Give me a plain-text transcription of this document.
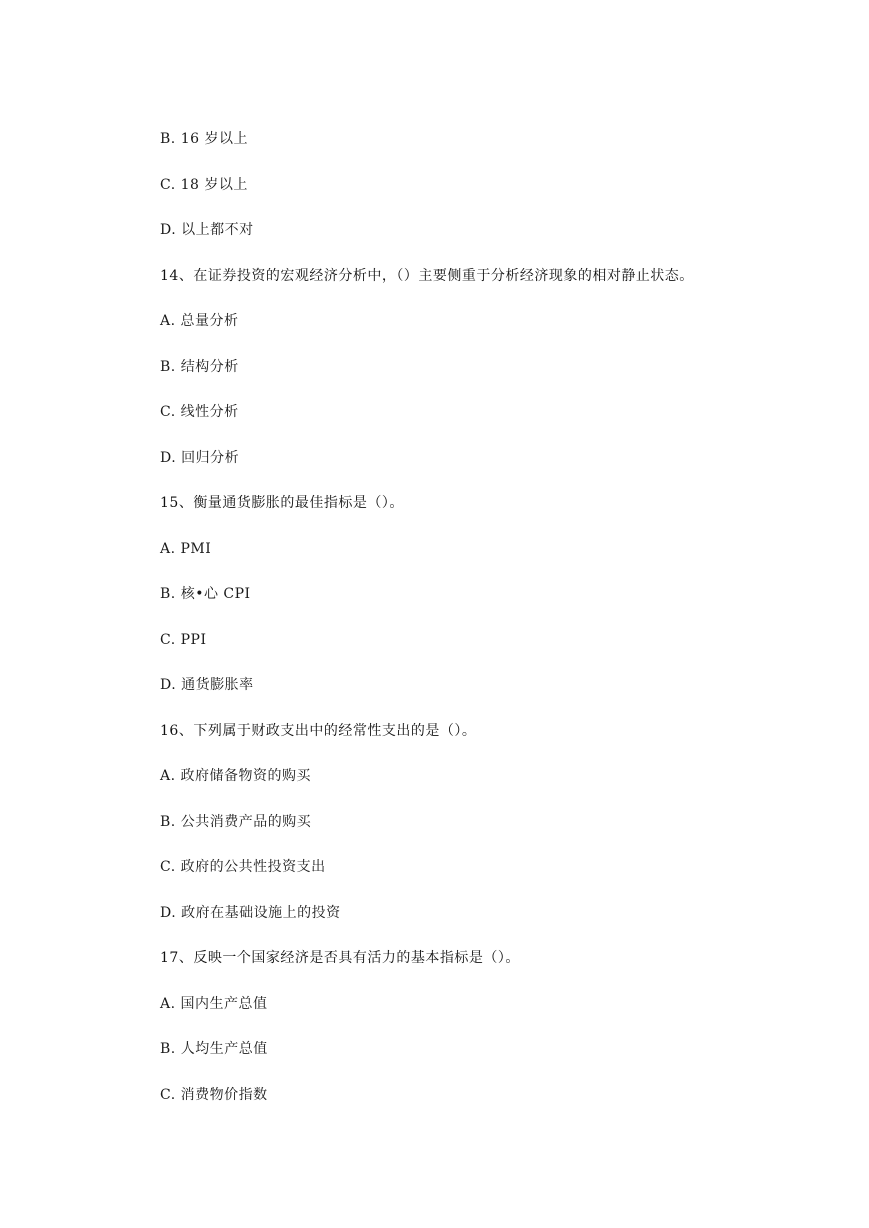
B. 16 岁以上
C. 18 岁以上
D. 以上都不对
14、在证券投资的宏观经济分析中，（）主要侧重于分析经济现象的相对静止状态。
A. 总量分析
B. 结构分析
C. 线性分析
D. 回归分析
15、衡量通货膨胀的最佳指标是（）。
A. PMI
B. 核•心 CPI
C. PPI
D. 通货膨胀率
16、下列属于财政支出中的经常性支出的是（）。
A. 政府储备物资的购买
B. 公共消费产品的购买
C. 政府的公共性投资支出
D. 政府在基础设施上的投资
17、反映一个国家经济是否具有活力的基本指标是（）。
A. 国内生产总值
B. 人均生产总值
C. 消费物价指数
